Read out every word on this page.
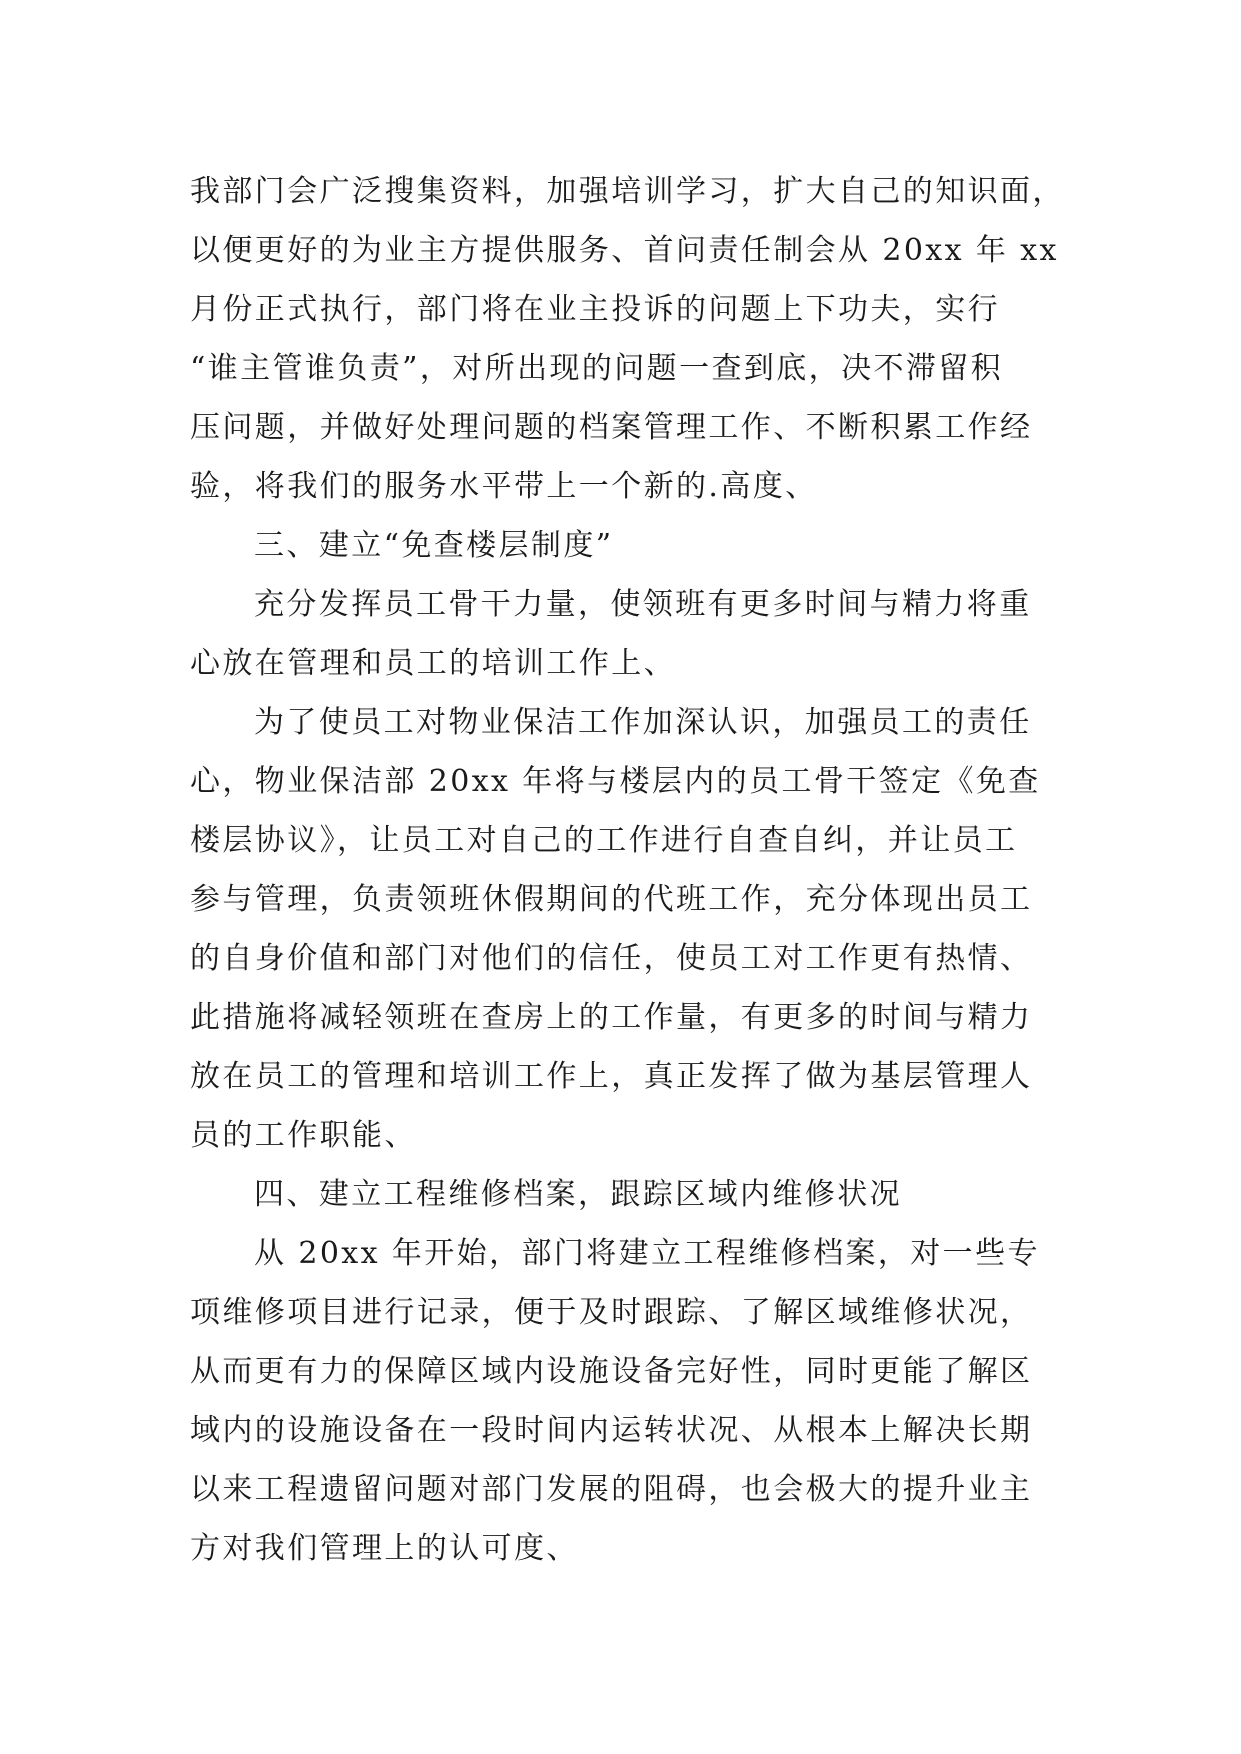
我部门会广泛搜集资料，加强培训学习，扩大自己的知识面，
以便更好的为业主方提供服务、首问责任制会从 20xx 年 xx
月份正式执行，部门将在业主投诉的问题上下功夫，实行
“谁主管谁负责”，对所出现的问题一查到底，决不滞留积
压问题，并做好处理问题的档案管理工作、不断积累工作经
验，将我们的服务水平带上一个新的.高度、
三、建立“免查楼层制度”
充分发挥员工骨干力量，使领班有更多时间与精力将重
心放在管理和员工的培训工作上、
为了使员工对物业保洁工作加深认识，加强员工的责任
心，物业保洁部 20xx 年将与楼层内的员工骨干签定《免查
楼层协议》，让员工对自己的工作进行自查自纠，并让员工
参与管理，负责领班休假期间的代班工作，充分体现出员工
的自身价值和部门对他们的信任，使员工对工作更有热情、
此措施将减轻领班在查房上的工作量，有更多的时间与精力
放在员工的管理和培训工作上，真正发挥了做为基层管理人
员的工作职能、
四、建立工程维修档案，跟踪区域内维修状况
从 20xx 年开始，部门将建立工程维修档案，对一些专
项维修项目进行记录，便于及时跟踪、了解区域维修状况，
从而更有力的保障区域内设施设备完好性，同时更能了解区
域内的设施设备在一段时间内运转状况、从根本上解决长期
以来工程遗留问题对部门发展的阻碍，也会极大的提升业主
方对我们管理上的认可度、
